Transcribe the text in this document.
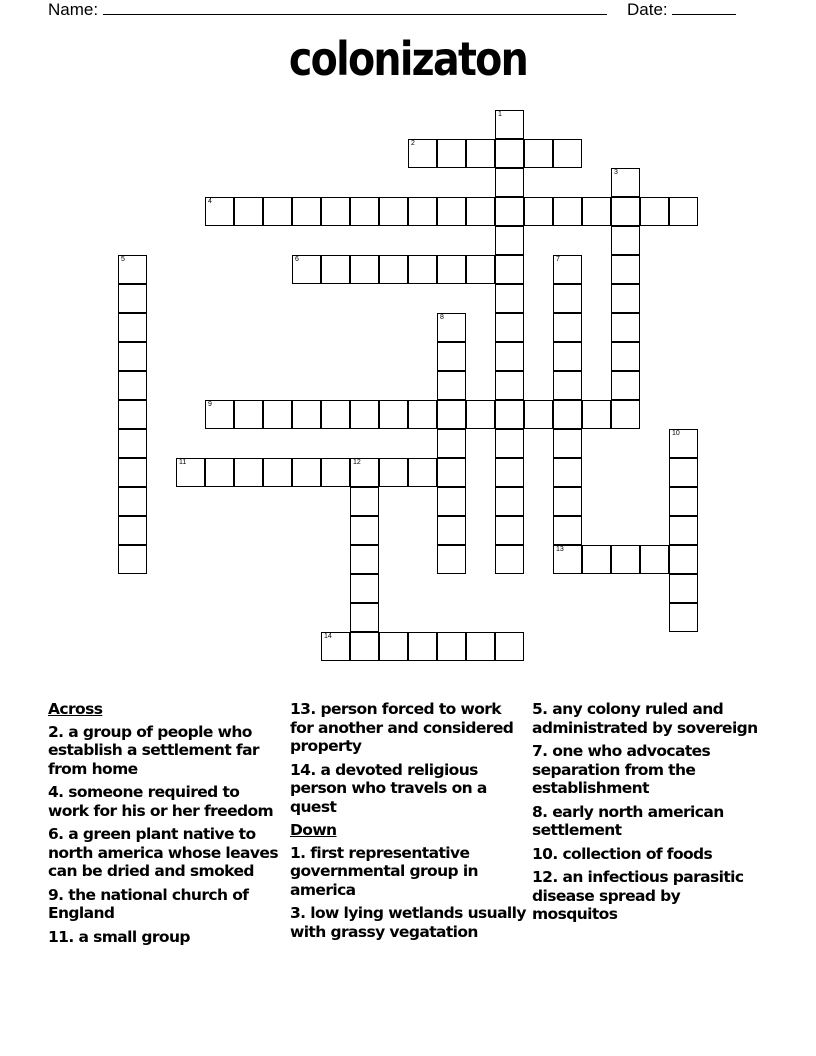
Name:	Date:
colonizaton
1
2
3
4
5	6	7
13
8
9
10
11	12
14
Across
2. a group of people who establish a settlement far from home
4. someone required to work for his or her freedom
6. a green plant native to north america whose leaves can be dried and smoked
9. the national church of England
11. a small group
13. person forced to work for another and considered property
14. a devoted religious person who travels on a quest
Down
1. first representative governmental group in america
3. low lying wetlands usually with grassy vegatation
5. any colony ruled and administrated by sovereign
7. one who advocates separation from the establishment
8. early north american settlement
10. collection of foods
12. an infectious parasitic disease spread by mosquitos
